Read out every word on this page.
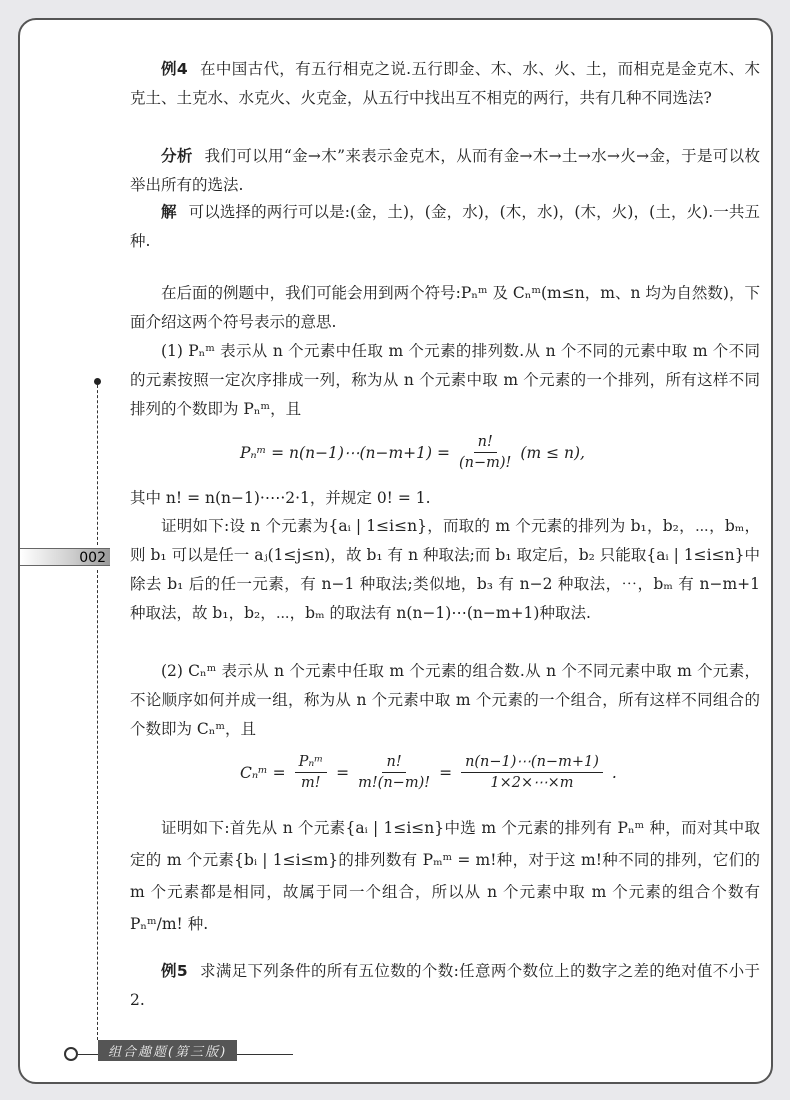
002
例4 在中国古代，有五行相克之说.五行即金、木、水、火、土，而相克是金克木、木克土、土克水、水克火、火克金，从五行中找出互不相克的两行，共有几种不同选法?
分析 我们可以用“金→木”来表示金克木，从而有金→木→土→水→火→金，于是可以枚举出所有的选法.
解 可以选择的两行可以是:(金，土)，(金，水)，(木，水)，(木，火)，(土，火).一共五种.
在后面的例题中，我们可能会用到两个符号:Pₙᵐ 及 Cₙᵐ(m≤n，m、n 均为自然数)，下面介绍这两个符号表示的意思.
(1) Pₙᵐ 表示从 n 个元素中任取 m 个元素的排列数.从 n 个不同的元素中取 m 个不同的元素按照一定次序排成一列，称为从 n 个元素中取 m 个元素的一个排列，所有这样不同排列的个数即为 Pₙᵐ，且
Pₙᵐ = n(n−1)⋯(n−m+1) = $\frac{n!}{(n-m)!} (m \le n)$,
其中 n! = n(n−1)·⋯·2·1，并规定 0! = 1.
证明如下:设 n 个元素为{aᵢ | 1≤i≤n}，而取的 m 个元素的排列为 b₁，b₂，⋯，bₘ，则 b₁ 可以是任一 aⱼ(1≤j≤n)，故 b₁ 有 n 种取法;而 b₁ 取定后，b₂ 只能取{aᵢ | 1≤i≤n}中除去 b₁ 后的任一元素，有 n−1 种取法;类似地，b₃ 有 n−2 种取法，⋯，bₘ 有 n−m+1 种取法，故 b₁，b₂，⋯，bₘ 的取法有 n(n−1)⋯(n−m+1)种取法.
(2) Cₙᵐ 表示从 n 个元素中任取 m 个元素的组合数.从 n 个不同元素中取 m 个元素，不论顺序如何并成一组，称为从 n 个元素中取 m 个元素的一个组合，所有这样不同组合的个数即为 Cₙᵐ，且
Cₙᵐ = $\frac{\text{Pₙᵐ}}{m!} = \frac{n!}{m!(n-m)!} = \frac{n(n-1)\cdots(n-m+1)}{1\times 2\times\cdots\times m}$ .
证明如下:首先从 n 个元素{aᵢ | 1≤i≤n}中选 m 个元素的排列有 Pₙᵐ 种，而对其中取定的 m 个元素{bᵢ | 1≤i≤m}的排列数有 Pₘᵐ = m!种，对于这 m!种不同的排列，它们的 m 个元素都是相同，故属于同一个组合，所以从 n 个元素中取 m 个元素的组合个数有 Pₙᵐ/m! 种.
例5 求满足下列条件的所有五位数的个数:任意两个数位上的数字之差的绝对值不小于2.
组合趣题(第三版)
